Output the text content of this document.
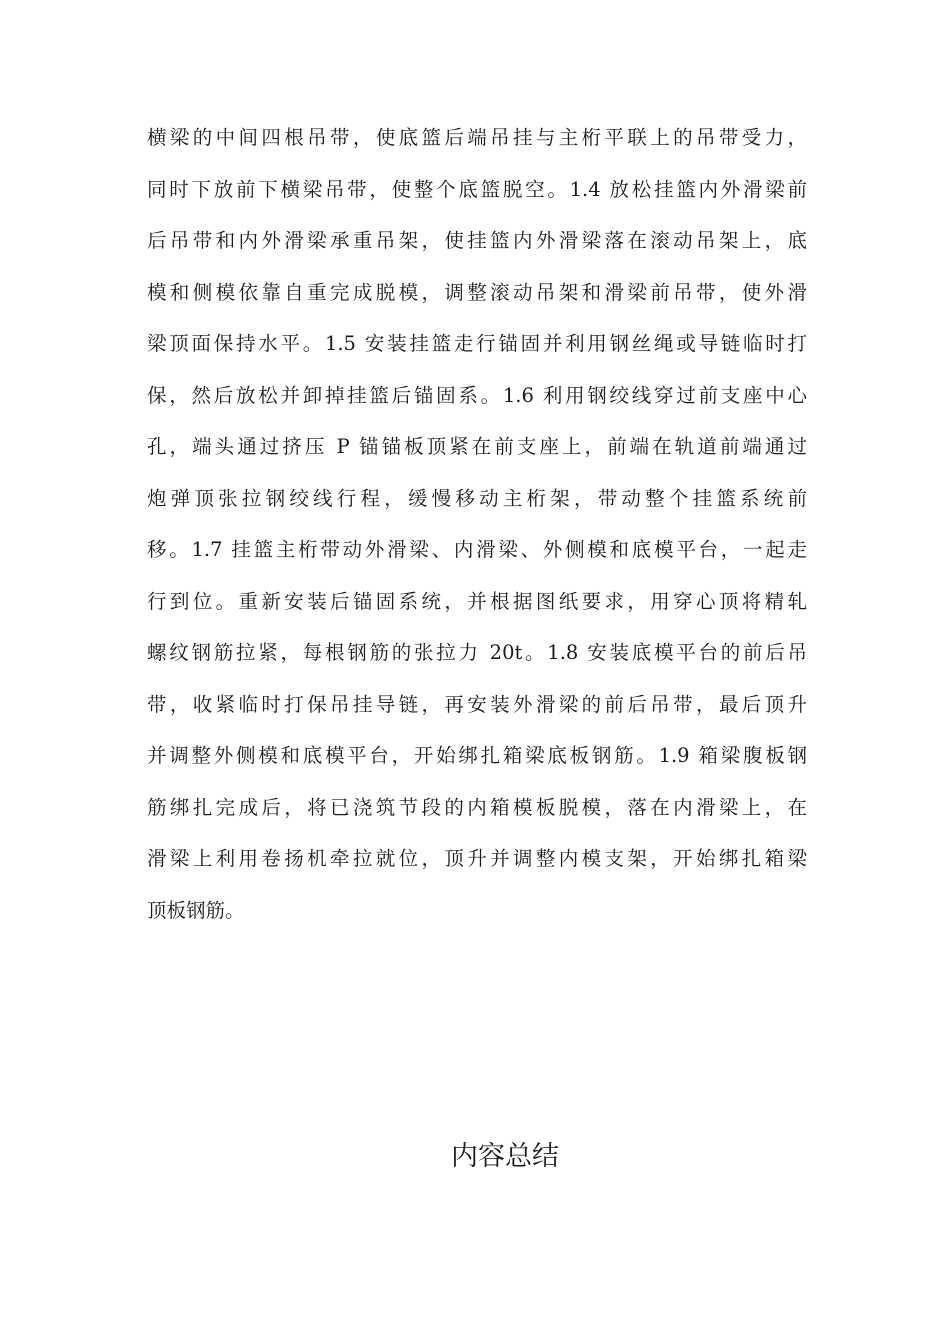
横梁的中间四根吊带，使底篮后端吊挂与主桁平联上的吊带受力，
同时下放前下横梁吊带，使整个底篮脱空。1.4 放松挂篮内外滑梁前
后吊带和内外滑梁承重吊架，使挂篮内外滑梁落在滚动吊架上，底
模和侧模依靠自重完成脱模，调整滚动吊架和滑梁前吊带，使外滑
梁顶面保持水平。1.5 安装挂篮走行锚固并利用钢丝绳或导链临时打
保，然后放松并卸掉挂篮后锚固系。1.6 利用钢绞线穿过前支座中心
孔，端头通过挤压 P 锚锚板顶紧在前支座上，前端在轨道前端通过
炮弹顶张拉钢绞线行程，缓慢移动主桁架，带动整个挂篮系统前
移。1.7 挂篮主桁带动外滑梁、内滑梁、外侧模和底模平台，一起走
行到位。重新安装后锚固系统，并根据图纸要求，用穿心顶将精轧
螺纹钢筋拉紧，每根钢筋的张拉力 20t。1.8 安装底模平台的前后吊
带，收紧临时打保吊挂导链，再安装外滑梁的前后吊带，最后顶升
并调整外侧模和底模平台，开始绑扎箱梁底板钢筋。1.9 箱梁腹板钢
筋绑扎完成后，将已浇筑节段的内箱模板脱模，落在内滑梁上，在
滑梁上利用卷扬机牵拉就位，顶升并调整内模支架，开始绑扎箱梁
顶板钢筋。
内容总结
